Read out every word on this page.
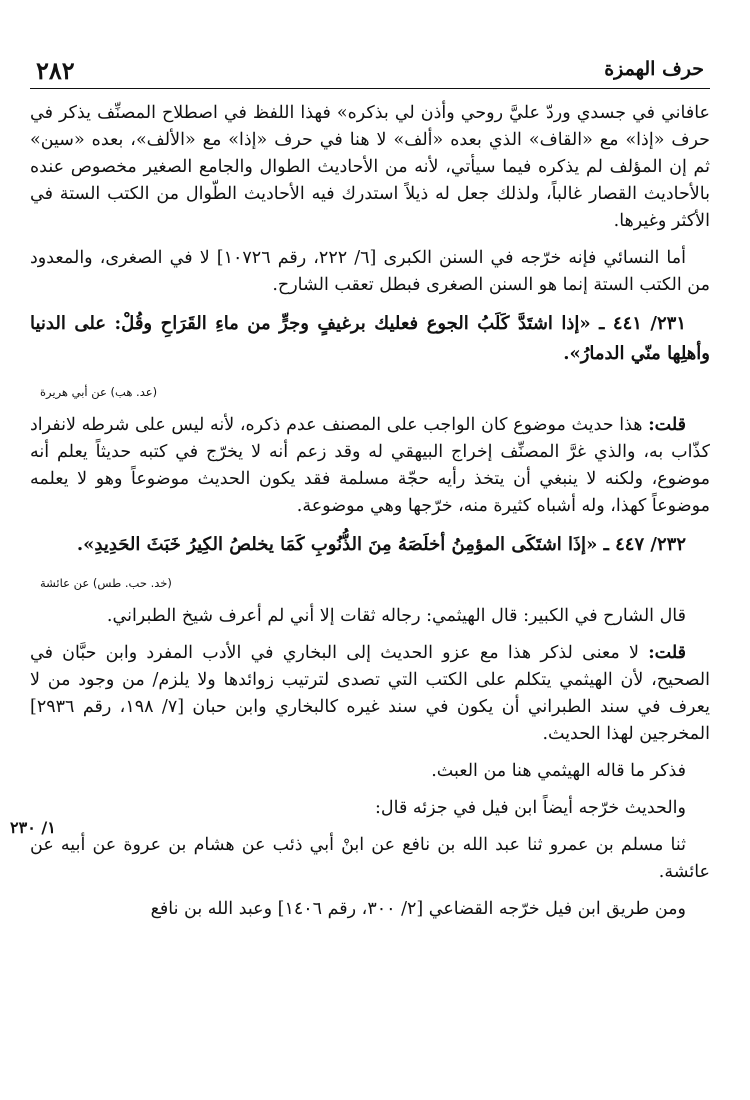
حرف الهمزة
٢٨٢

عافاني في جسدي وردّ عليَّ روحي وأذن لي بذكره» فهذا اللفظ في اصطلاح المصنِّف يذكر في حرف «إذا» مع «القاف» الذي بعده «ألف» لا هنا في حرف «إذا» مع «الألف»، بعده «سين» ثم إن المؤلف لم يذكره فيما سيأتي، لأنه من الأحاديث الطوال والجامع الصغير مخصوص عنده بالأحاديث القصار غالباً، ولذلك جعل له ذيلاً استدرك فيه الأحاديث الطّوال من الكتب الستة في الأكثر وغيرها.

أما النسائي فإنه خرّجه في السنن الكبرى [٦/ ٢٢٢، رقم ١٠٧٢٦] لا في الصغرى، والمعدود من الكتب الستة إنما هو السنن الصغرى فبطل تعقب الشارح.

٢٣١/ ٤٤١ ـ «إذا اشتَدَّ كَلَبُ الجوع فعليك برغيفٍ وجرٍّ من ماءِ القَرَاحِ وقُلْ: على الدنيا وأهلِها منّي الدمارُ».

(عد. هب) عن أبي هريرة

قلت: هذا حديث موضوع كان الواجب على المصنف عدم ذكره، لأنه ليس على شرطه لانفراد كذّاب به، والذي غرَّ المصنِّف إخراج البيهقي له وقد زعم أنه لا يخرّج في كتبه حديثاً يعلم أنه موضوع، ولكنه لا ينبغي أن يتخذ رأيه حجّة مسلمة فقد يكون الحديث موضوعاً وهو لا يعلمه موضوعاً كهذا، وله أشباه كثيرة منه، خرّجها وهي موضوعة.

٢٣٢/ ٤٤٧ ـ «إذَا اشتَكَى المؤمِنُ أخلَصَهُ مِنَ الذُّنُوبِ كَمَا يخلصُ الكِيرُ خَبَثَ الحَدِيدِ».

(خد. حب. طس) عن عائشة

قال الشارح في الكبير: قال الهيثمي: رجاله ثقات إلا أني لم أعرف شيخ الطبراني.

قلت: لا معنى لذكر هذا مع عزو الحديث إلى البخاري في الأدب المفرد وابن حبَّان في الصحيح، لأن الهيثمي يتكلم على الكتب التي تصدى لترتيب زوائدها ولا يلزم/ من وجود من لا يعرف في سند الطبراني أن يكون في سند غيره كالبخاري وابن حبان [٧/ ١٩٨، رقم ٢٩٣٦] المخرجين لهذا الحديث.

فذكر ما قاله الهيثمي هنا من العبث.

والحديث خرّجه أيضاً ابن فيل في جزئه قال:

ثنا مسلم بن عمرو ثنا عبد الله بن نافع عن ابنْ أبي ذئب عن هشام بن عروة عن أبيه عن عائشة.

ومن طريق ابن فيل خرّجه القضاعي [٢/ ٣٠٠، رقم ١٤٠٦] وعبد الله بن نافع

١/ ٢٣٠
